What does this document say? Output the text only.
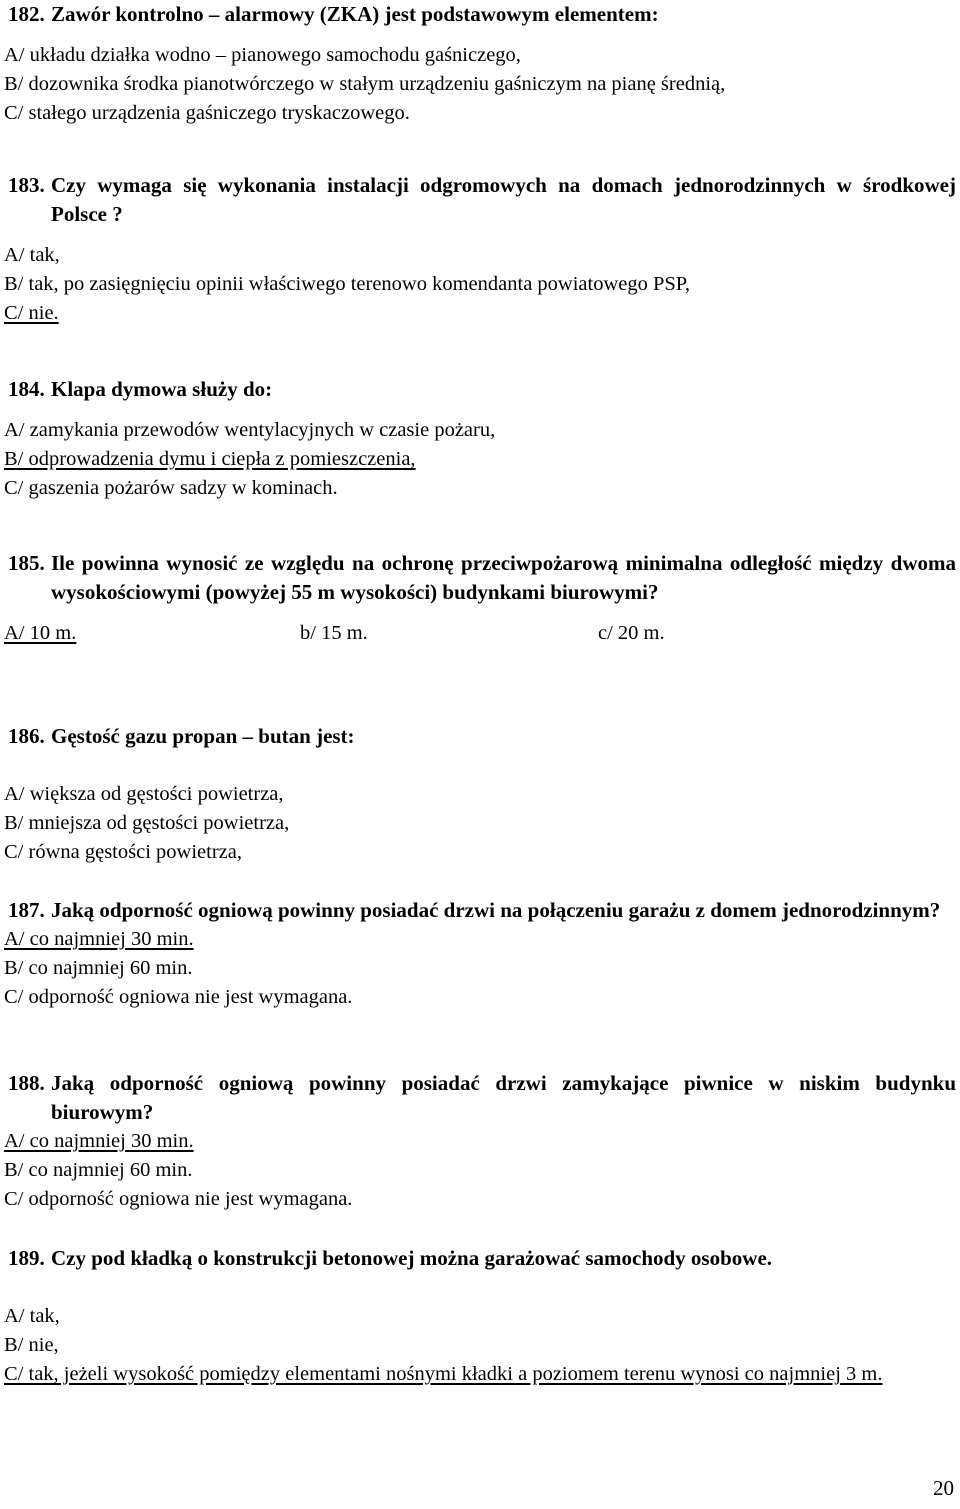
182. Zawór kontrolno – alarmowy (ZKA) jest podstawowym elementem:
A/ układu działka wodno – pianowego samochodu gaśniczego,
B/ dozownika środka pianotwórczego w stałym urządzeniu gaśniczym na pianę średnią,
C/ stałego urządzenia gaśniczego tryskaczowego.
183. Czy wymaga się wykonania instalacji odgromowych na domach jednorodzinnych w środkowej Polsce ?
A/ tak,
B/ tak, po zasięgnięciu opinii właściwego terenowo komendanta powiatowego PSP,
C/ nie.
184. Klapa dymowa służy do:
A/ zamykania przewodów wentylacyjnych w czasie pożaru,
B/ odprowadzenia dymu i ciepła z pomieszczenia,
C/ gaszenia pożarów sadzy w kominach.
185. Ile powinna wynosić ze względu na ochronę przeciwpożarową minimalna odległość między dwoma wysokościowymi (powyżej 55 m wysokości) budynkami biurowymi?
A/ 10 m.	b/ 15 m.	c/ 20 m.
186. Gęstość gazu propan – butan jest:
A/ większa od gęstości powietrza,
B/ mniejsza od gęstości powietrza,
C/ równa gęstości powietrza,
187. Jaką odporność ogniową powinny posiadać drzwi na połączeniu garażu z domem jednorodzinnym?
A/ co najmniej 30 min.
B/ co najmniej 60 min.
C/ odporność ogniowa nie jest wymagana.
188. Jaką odporność ogniową powinny posiadać drzwi zamykające piwnice w niskim budynku biurowym?
A/ co najmniej 30 min.
B/ co najmniej 60 min.
C/ odporność ogniowa nie jest wymagana.
189. Czy pod kładką o konstrukcji betonowej można garażować samochody osobowe.
A/ tak,
B/ nie,
C/ tak, jeżeli wysokość pomiędzy elementami nośnymi kładki a poziomem terenu wynosi co najmniej 3 m.
20
